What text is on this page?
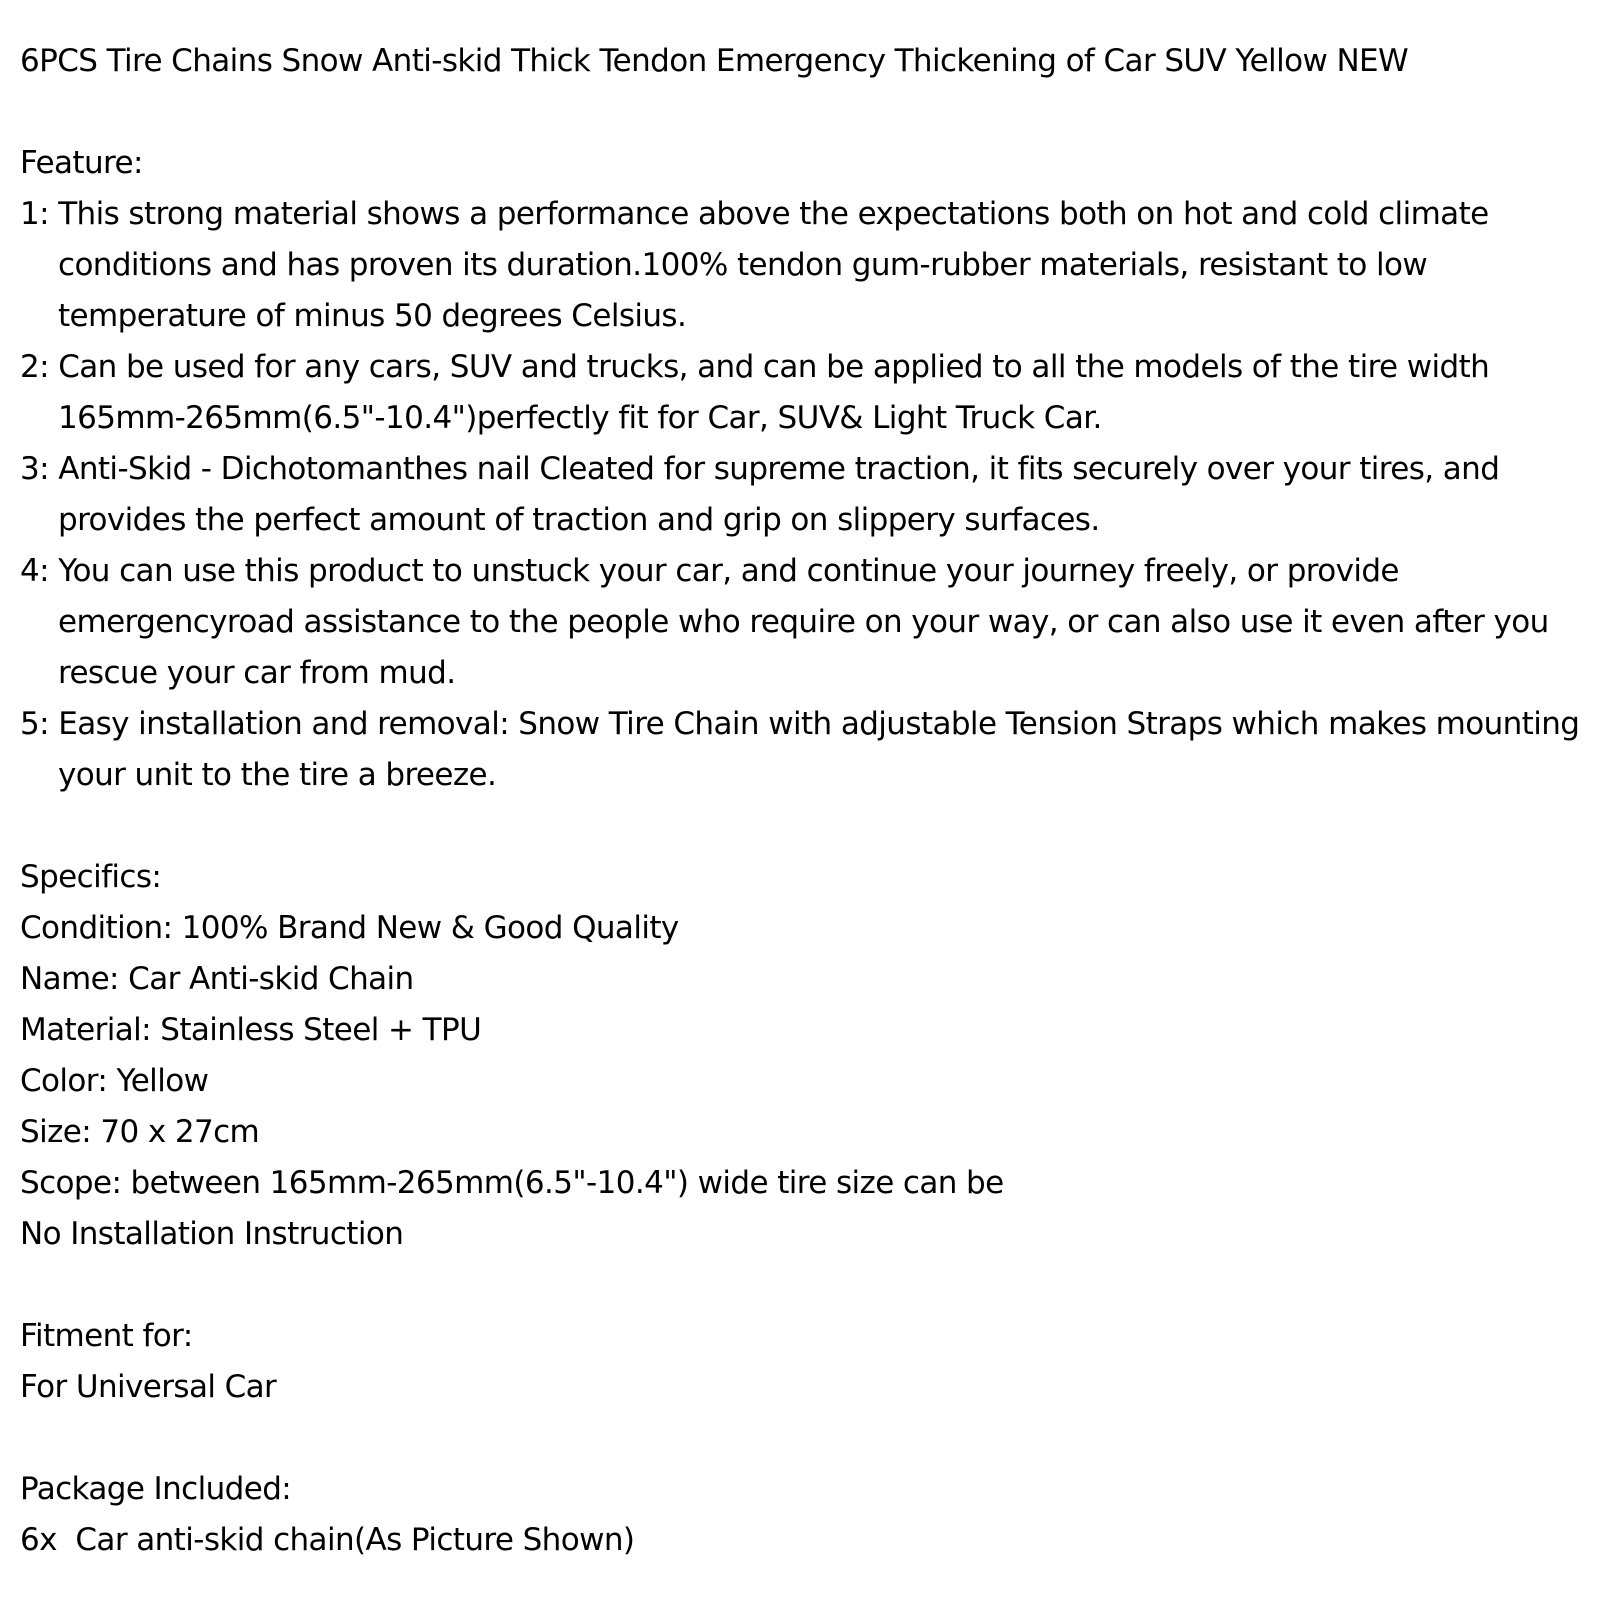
6PCS Tire Chains Snow Anti-skid Thick Tendon Emergency Thickening of Car SUV Yellow NEW
Feature:
1: This strong material shows a performance above the expectations both on hot and cold climate conditions and has proven its duration.100% tendon gum-rubber materials, resistant to low temperature of minus 50 degrees Celsius.
2: Can be used for any cars, SUV and trucks, and can be applied to all the models of the tire width 165mm-265mm(6.5"-10.4")perfectly fit for Car, SUV& Light Truck Car.
3: Anti-Skid - Dichotomanthes nail Cleated for supreme traction, it fits securely over your tires, and provides the perfect amount of traction and grip on slippery surfaces.
4: You can use this product to unstuck your car, and continue your journey freely, or provide emergencyroad assistance to the people who require on your way, or can also use it even after you rescue your car from mud.
5: Easy installation and removal: Snow Tire Chain with adjustable Tension Straps which makes mounting your unit to the tire a breeze.
Specifics:
Condition: 100% Brand New & Good Quality
Name: Car Anti-skid Chain
Material: Stainless Steel + TPU
Color: Yellow
Size: 70 x 27cm
Scope: between 165mm-265mm(6.5"-10.4") wide tire size can be
No Installation Instruction
Fitment for:
For Universal Car
Package Included:
6x  Car anti-skid chain(As Picture Shown)
